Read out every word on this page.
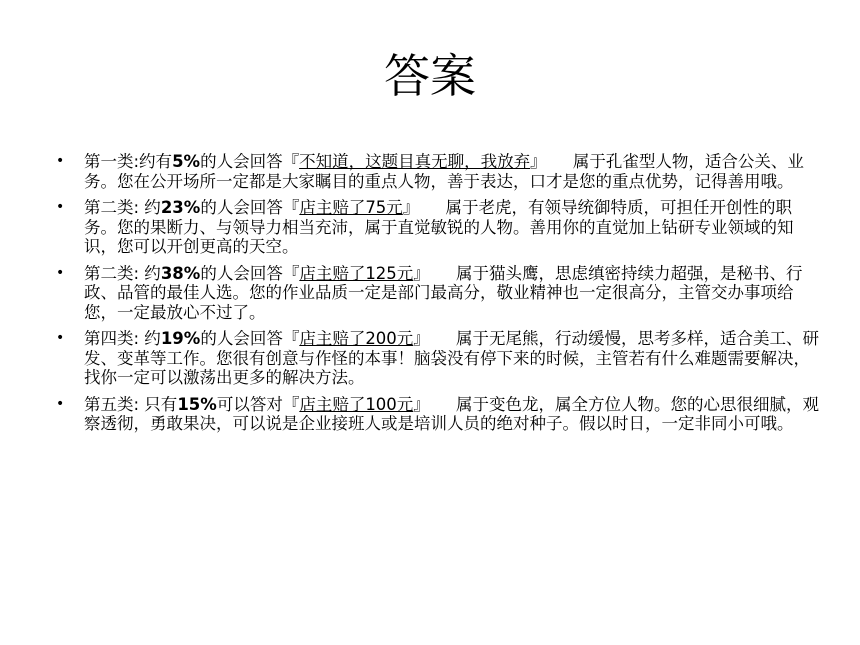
答案
• 第一类:约有5%的人会回答『不知道，这题目真无聊，我放弃』 属于孔雀型人物，适合公关、业务。您在公开场所一定都是大家瞩目的重点人物，善于表达，口才是您的重点优势，记得善用哦。
• 第二类: 约23%的人会回答『店主赔了75元』 属于老虎，有领导统御特质，可担任开创性的职务。您的果断力、与领导力相当充沛，属于直觉敏锐的人物。善用你的直觉加上钻研专业领域的知识，您可以开创更高的天空。
• 第二类: 约38%的人会回答『店主赔了125元』 属于猫头鹰，思虑缜密持续力超强，是秘书、行政、品管的最佳人选。您的作业品质一定是部门最高分，敬业精神也一定很高分，主管交办事项给您，一定最放心不过了。
• 第四类: 约19%的人会回答『店主赔了200元』 属于无尾熊，行动缓慢，思考多样，适合美工、研发、变革等工作。您很有创意与作怪的本事！脑袋没有停下来的时候，主管若有什么难题需要解决，找你一定可以激荡出更多的解决方法。
• 第五类: 只有15%可以答对『店主赔了100元』 属于变色龙，属全方位人物。您的心思很细腻，观察透彻，勇敢果决，可以说是企业接班人或是培训人员的绝对种子。假以时日，一定非同小可哦。
